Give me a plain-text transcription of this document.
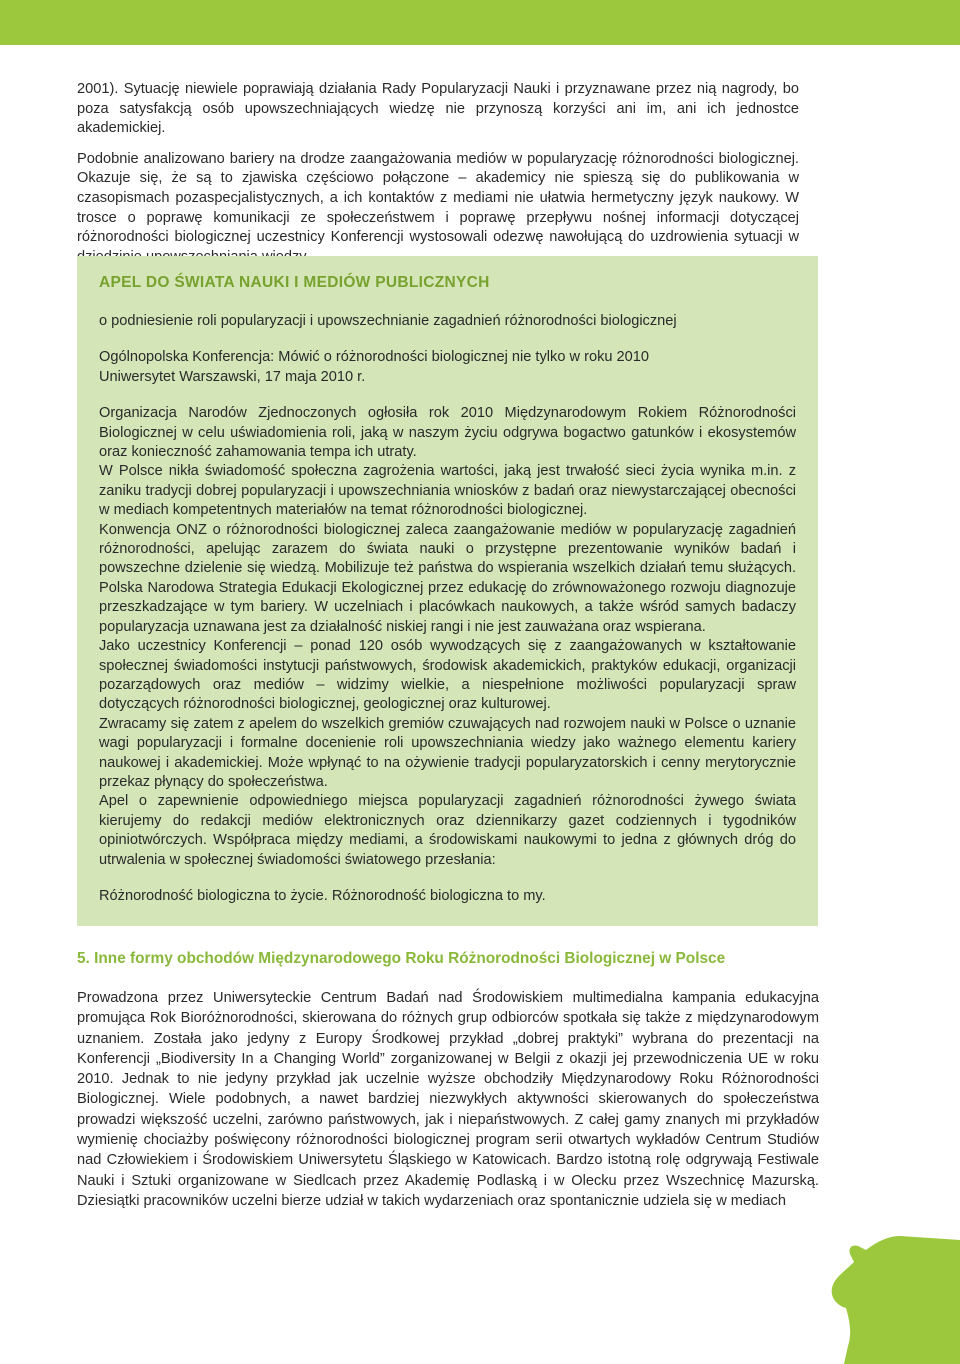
2001). Sytuację niewiele poprawiają działania Rady Popularyzacji Nauki i przyznawane przez nią nagrody, bo poza satysfakcją osób upowszechniających wiedzę nie przynoszą korzyści ani im, ani ich jednostce akademickiej.

Podobnie analizowano bariery na drodze zaangażowania mediów w popularyzację różnorodności biologicznej. Okazuje się, że są to zjawiska częściowo połączone – akademicy nie spieszą się do publikowania w czasopismach pozaspecjalistycznych, a ich kontaktów z mediami nie ułatwia hermetyczny język naukowy. W trosce o poprawę komunikacji ze społeczeństwem i poprawę przepływu nośnej informacji dotyczącej różnorodności biologicznej uczestnicy Konferencji wystosowali odezwę nawołującą do uzdrowienia sytuacji w

APEL DO ŚWIATA NAUKI I MEDIÓW PUBLICZNYCH

o podniesienie roli popularyzacji i upowszechnianie zagadnień różnorodności biologicznej

Ogólnopolska Konferencja: Mówić o różnorodności biologicznej nie tylko w roku 2010

Uniwersytet Warszawski, 17 maja 2010 r.

Organizacja Narodów Zjednoczonych ogłosiła rok 2010 Międzynarodowym Rokiem Różnorodności Biologicznej w celu uświadomienia roli, jaką w naszym życiu odgrywa bogactwo gatunków i ekosystemów oraz konieczność zahamowania tempa ich utraty.

W Polsce nikła świadomość społeczna zagrożenia wartości, jaką jest trwałość sieci życia wynika m.in. z zaniku tradycji dobrej popularyzacji i upowszechniania wniosków z badań oraz niewystarczającej obecności w mediach kompetentnych materiałów na temat różnorodności biologicznej.

Konwencja ONZ o różnorodności biologicznej zaleca zaangażowanie mediów w popularyzację zagadnień różnorodności, apelując zarazem do świata nauki o przystępne prezentowanie wyników badań i powszechne dzielenie się wiedzą. Mobilizuje też państwa do wspierania wszelkich działań temu służących. Polska Narodowa Strategia Edukacji Ekologicznej przez edukację do zrównoważonego rozwoju diagnozuje przeszkadzające w tym bariery. W uczelniach i placówkach naukowych, a także wśród samych badaczy popularyzacja uznawana jest za działalność niskiej rangi i nie jest zauważana oraz wspierana.

Jako uczestnicy Konferencji – ponad 120 osób wywodzących się z zaangażowanych w kształtowanie społecznej świadomości instytucji państwowych, środowisk akademickich, praktyków edukacji, organizacji pozarządowych oraz mediów – widzimy wielkie, a niespełnione możliwości popularyzacji spraw dotyczących różnorodności biologicznej, geologicznej oraz kulturowej.

Zwracamy się zatem z apelem do wszelkich gremiów czuwających nad rozwojem nauki w Polsce o uznanie wagi popularyzacji i formalne docenienie roli upowszechniania wiedzy jako ważnego elementu kariery naukowej i akademickiej. Może wpłynąć to na ożywienie tradycji popularyzatorskich i cenny merytorycznie przekaz płynący do społeczeństwa.

Apel o zapewnienie odpowiedniego miejsca popularyzacji zagadnień różnorodności żywego świata kierujemy do redakcji mediów elektronicznych oraz dziennikarzy gazet codziennych i tygodników opiniotwórczych. Współpraca między mediami, a środowiskami naukowymi to jedna z głównych dróg do utrwalenia w społecznej świadomości światowego przesłania:

Różnorodność biologiczna to życie. Różnorodność biologiczna to my.

5. Inne formy obchodów Międzynarodowego Roku Różnorodności Biologicznej w Polsce

Prowadzona przez Uniwersyteckie Centrum Badań nad Środowiskiem multimedialna kampania edukacyjna promująca Rok Bioróżnorodności, skierowana do różnych grup odbiorców spotkała się także z międzynarodowym uznaniem. Została jako jedyny z Europy Środkowej przykład „dobrej praktyki” wybrana do prezentacji na Konferencji „Biodiversity In a Changing World” zorganizowanej w Belgii z okazji jej przewodniczenia UE w roku 2010. Jednak to nie jedyny przykład jak uczelnie wyższe obchodziły Międzynarodowy Roku Różnorodności Biologicznej. Wiele podobnych, a nawet bardziej niezwykłych aktywności skierowanych do społeczeństwa prowadzi większość uczelni, zarówno państwowych, jak i niepaństwowych. Z całej gamy znanych mi przykładów wymienię chociażby poświęcony różnorodności biologicznej program serii otwartych wykładów Centrum Studiów nad Człowiekiem i Środowiskiem Uniwersytetu Śląskiego w Katowicach. Bardzo istotną rolę odgrywają Festiwale Nauki i Sztuki organizowane w Siedlcach przez Akademię Podlaską i w Olecku przez Wszechnicę Mazurską. Dziesiątki pracowników uczelni bierze udział w takich wydarzeniach oraz spontanicznie udziela się w mediach

17
